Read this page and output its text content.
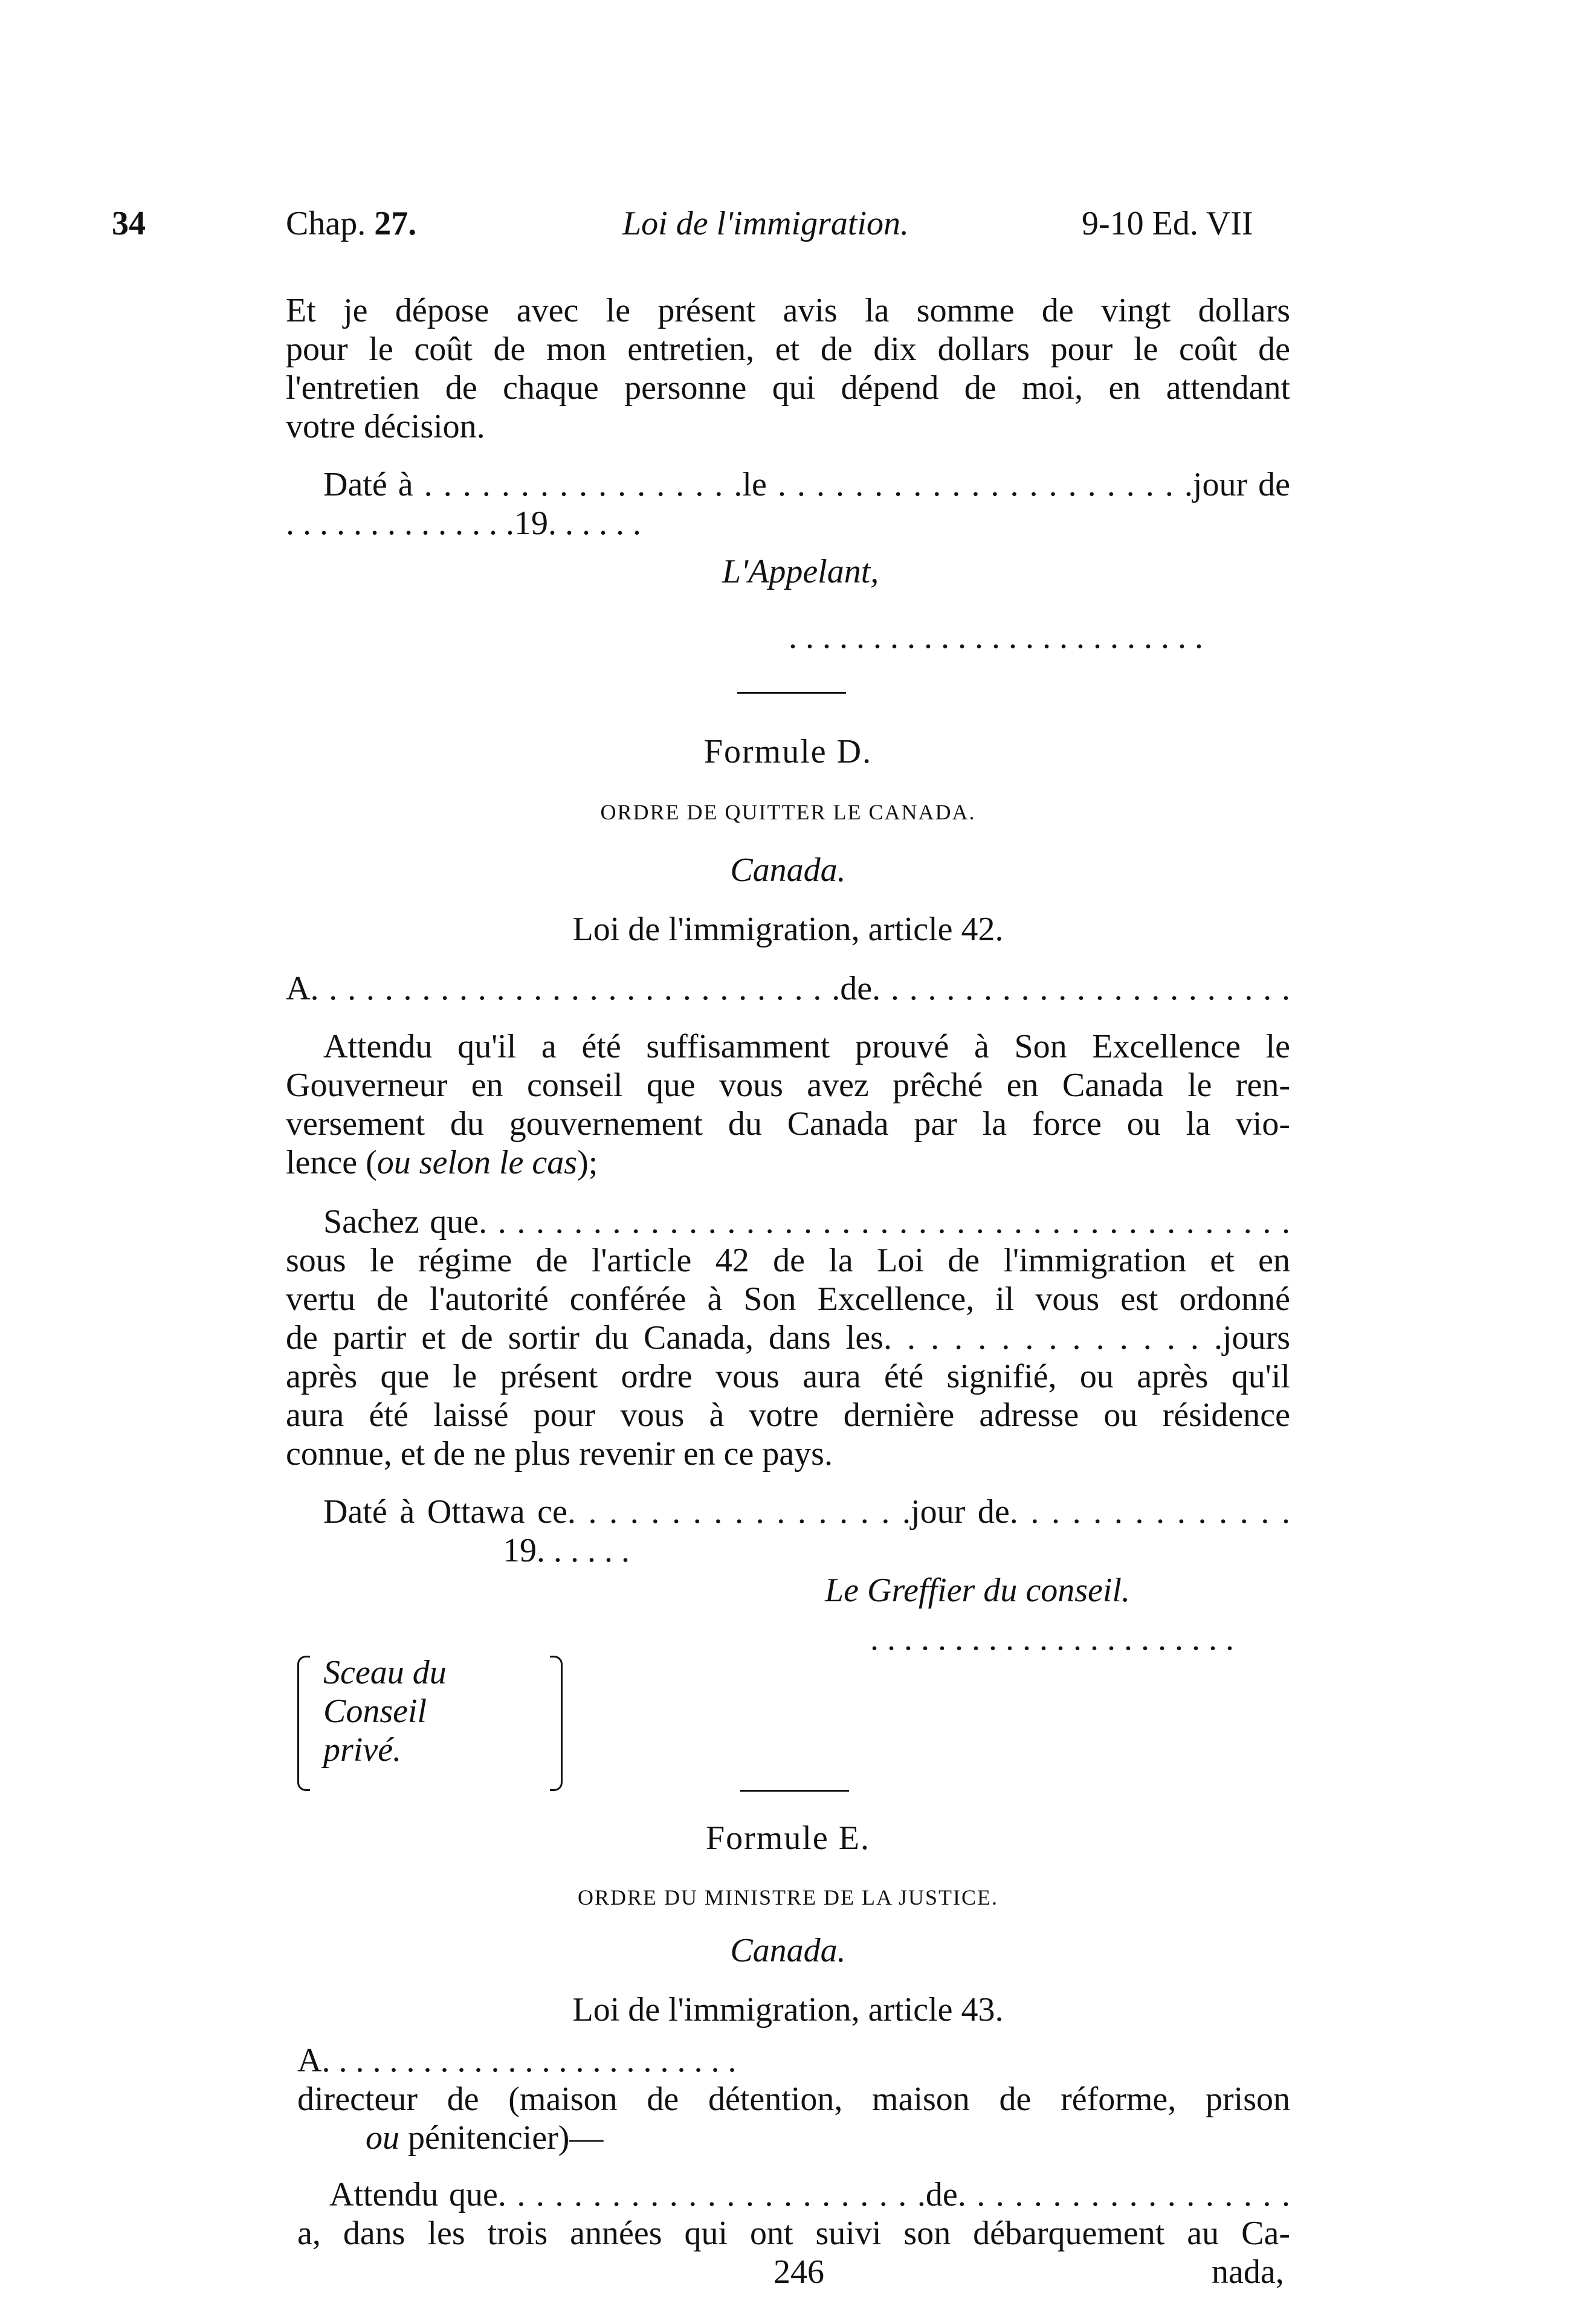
34	Chap. 27.	Loi de l'immigration.	9-10 Ed. VII
Et je dépose avec le présent avis la somme de vingt dollars
pour le coût de mon entretien, et de dix dollars pour le coût de
l'entretien de chaque personne qui dépend de moi, en attendant
votre décision.
Daté à . . . . . . . . . . . . . . . . .le . . . . . . . . . . . . . . . . . . . . . .jour de
. . . . . . . . . . . . . .19. . . . . .
L'Appelant,
. . . . . . . . . . . . . . . . . . . . . . . . .
Formule D.
ORDRE DE QUITTER LE CANADA.
Canada.
Loi de l'immigration, article 42.
A. . . . . . . . . . . . . . . . . . . . . . . . . . . . .de. . . . . . . . . . . . . . . . . . . . . . .
Attendu qu'il a été suffisamment prouvé à Son Excellence le
Gouverneur en conseil que vous avez prêché en Canada le ren-
versement du gouvernement du Canada par la force ou la vio-
lence (ou selon le cas);
Sachez que. . . . . . . . . . . . . . . . . . . . . . . . . . . . . . . . . . . . . . . . . . .
sous le régime de l'article 42 de la Loi de l'immigration et en
vertu de l'autorité conférée à Son Excellence, il vous est ordonné
de partir et de sortir du Canada, dans les. . . . . . . . . . . . . . .jours
après que le présent ordre vous aura été signifié, ou après qu'il
aura été laissé pour vous à votre dernière adresse ou résidence
connue, et de ne plus revenir en ce pays.
Daté à Ottawa ce. . . . . . . . . . . . . . . . .jour de. . . . . . . . . . . . . .
19. . . . . .
Le Greffier du conseil.
. . . . . . . . . . . . . . . . . . . . . .
Sceau du
Conseil
privé.
Formule E.
ORDRE DU MINISTRE DE LA JUSTICE.
Canada.
Loi de l'immigration, article 43.
A. . . . . . . . . . . . . . . . . . . . . . . . .
directeur de (maison de détention, maison de réforme, prison
ou pénitencier)—
Attendu que. . . . . . . . . . . . . . . . . . . . . . .de. . . . . . . . . . . . . . . . . .
a, dans les trois années qui ont suivi son débarquement au Ca-
246	nada,
